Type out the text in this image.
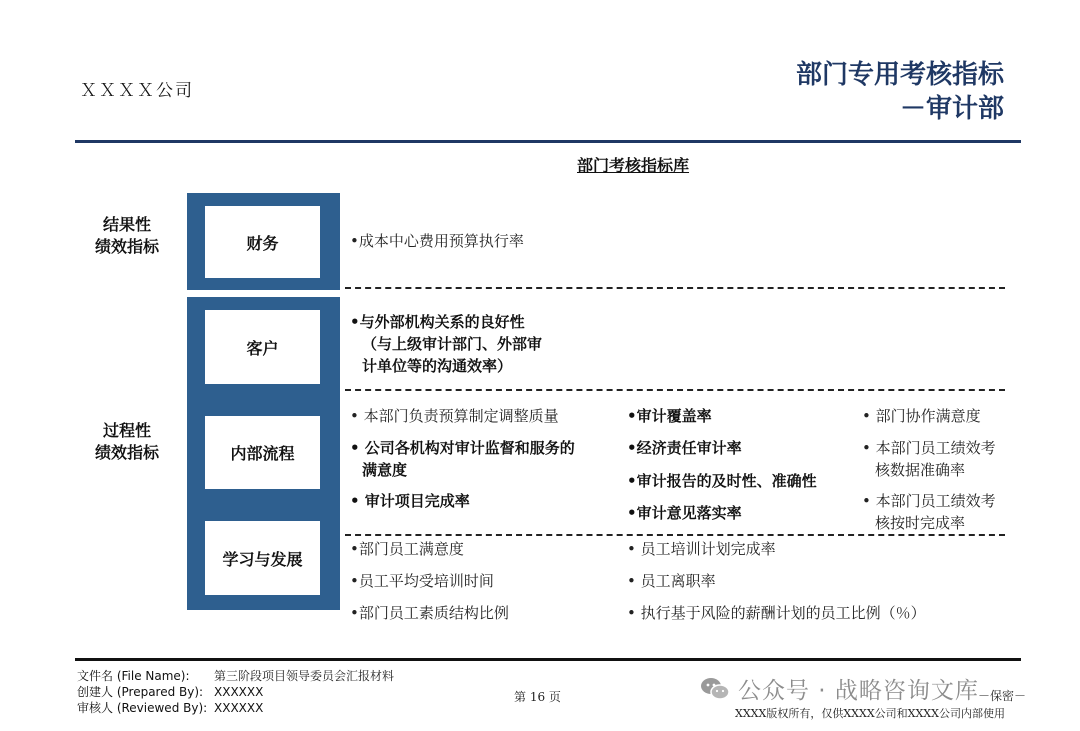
ＸＸＸＸ公司
部门专用考核指标
－审计部
部门考核指标库
结果性
绩效指标
过程性
绩效指标
财务
客户
内部流程
学习与发展
•成本中心费用预算执行率
•与外部机构关系的良好性
（与上级审计部门、外部审
计单位等的沟通效率）
• 本部门负责预算制定调整质量
• 公司各机构对审计监督和服务的
满意度
• 审计项目完成率
•审计覆盖率
•经济责任审计率
•审计报告的及时性、准确性
•审计意见落实率
• 部门协作满意度
• 本部门员工绩效考
核数据准确率
• 本部门员工绩效考
核按时完成率
•部门员工满意度
•员工平均受培训时间
•部门员工素质结构比例
• 员工培训计划完成率
• 员工离职率
• 执行基于风险的薪酬计划的员工比例（％）
文件名 (File Name): 第三阶段项目领导委员会汇报材料
创建人 (Prepared By): XXXXXX
审核人 (Reviewed By): XXXXXX
第 16 页	公众号 · 战略咨询文库 －保密－
XXXX版权所有，仅供XXXX公司和XXXX公司内部使用
